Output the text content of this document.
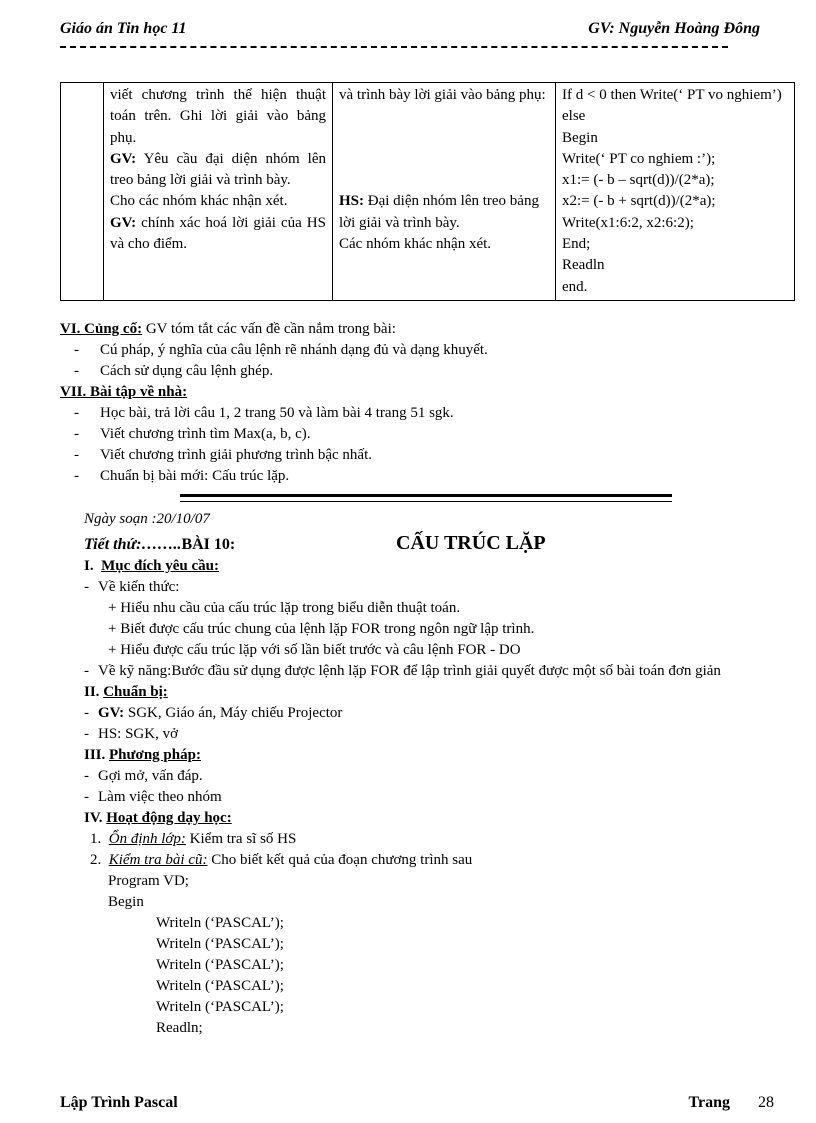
Giáo án Tin học 11	GV: Nguyễn Hoàng Đông

viết chương trình thể hiện thuật toán trên. Ghi lời giải vào bảng phụ.
GV: Yêu cầu đại diện nhóm lên treo bảng lời giải và trình bày.
Cho các nhóm khác nhận xét.
GV: chính xác hoá lời giải của HS và cho điểm.

và trình bày lời giải vào bảng phụ:
HS: Đại diện nhóm lên treo bảng lời giải và trình bày.
Các nhóm khác nhận xét.

If d < 0 then Write(‘ PT vo nghiem’) else
Begin
Write(‘ PT co nghiem :’);
x1:= (- b – sqrt(d))/(2*a);
x2:= (- b + sqrt(d))/(2*a);
Write(x1:6:2, x2:6:2);
End;
Readln
end.
VI. Củng cố: GV tóm tắt các vấn đề cần nắm trong bài:
- Cú pháp, ý nghĩa của câu lệnh rẽ nhánh dạng đủ và dạng khuyết.
- Cách sử dụng câu lệnh ghép.
VII. Bài tập về nhà:
- Học bài, trả lời câu 1, 2 trang 50 và làm bài 4 trang 51 sgk.
- Viết chương trình tìm Max(a, b, c).
- Viết chương trình giải phương trình bậc nhất.
- Chuẩn bị bài mới: Cấu trúc lặp.
Ngày soạn :20/10/07
Tiết thứ:……..BÀI 10:	CẤU TRÚC LẶP
I. Mục đích yêu cầu:
- Về kiến thức:
+ Hiểu nhu cầu của cấu trúc lặp trong biểu diễn thuật toán.
+ Biết được cấu trúc chung của lệnh lặp FOR trong ngôn ngữ lập trình.
+ Hiểu được cấu trúc lặp với số lần biết trước và câu lệnh FOR - DO
- Về kỹ năng:Bước đầu sử dụng được lệnh lặp FOR để lập trình giải quyết được một số bài toán đơn giản
II. Chuẩn bị:
- GV: SGK, Giáo án, Máy chiếu Projector
- HS: SGK, vở
III. Phương pháp:
- Gợi mở, vấn đáp.
- Làm việc theo nhóm
IV. Hoạt động dạy học:
1.  Ổn định lớp: Kiểm tra sĩ số HS
2.  Kiểm tra bài cũ: Cho biết kết quả của đoạn chương trình sau
Program VD;
Begin
Writeln (‘PASCAL’);
Writeln (‘PASCAL’);
Writeln (‘PASCAL’);
Writeln (‘PASCAL’);
Writeln (‘PASCAL’);
Readln;
Lập Trình Pascal	Trang 28
